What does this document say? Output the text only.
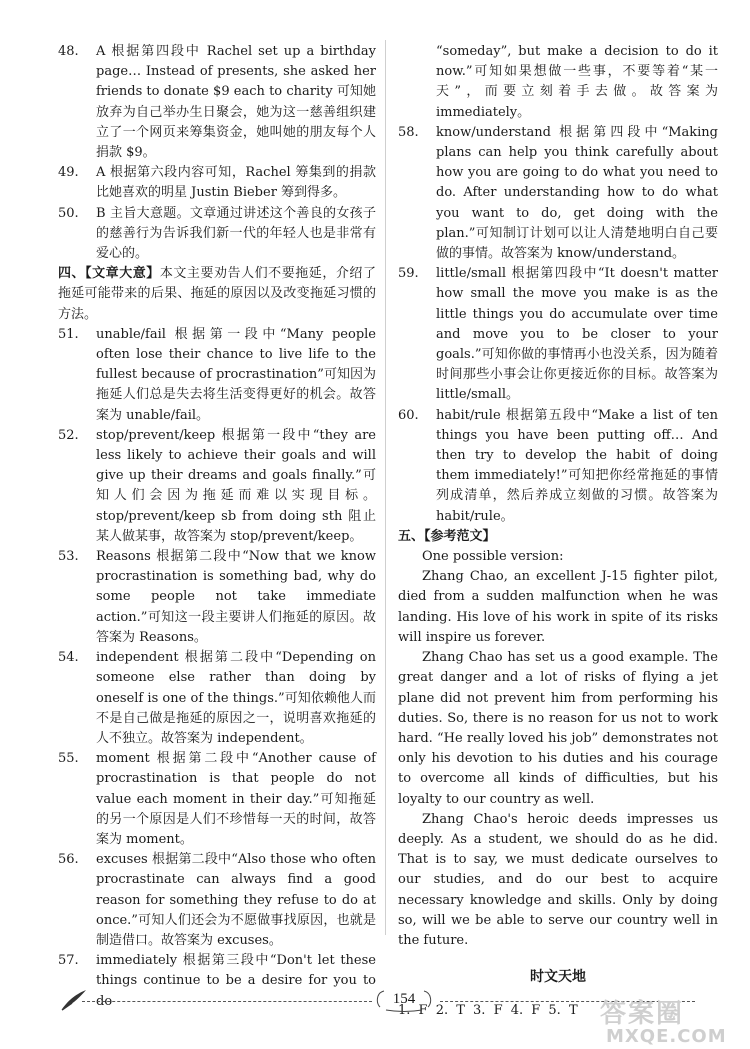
48.	A 根据第四段中 Rachel set up a birthday page… Instead of presents, she asked her friends to donate $9 each to charity 可知她放弃为自己举办生日聚会，她为这一慈善组织建立了一个网页来筹集资金，她叫她的朋友每个人捐款 $9。
49.	A 根据第六段内容可知，Rachel 筹集到的捐款比她喜欢的明星 Justin Bieber 筹到得多。
50.	B 主旨大意题。文章通过讲述这个善良的女孩子的慈善行为告诉我们新一代的年轻人也是非常有爱心的。
四、【文章大意】本文主要劝告人们不要拖延，介绍了拖延可能带来的后果、拖延的原因以及改变拖延习惯的方法。
51.	unable/fail 根据第一段中“Many people often lose their chance to live life to the fullest because of procrastination”可知因为拖延人们总是失去将生活变得更好的机会。故答案为 unable/fail。
52.	stop/prevent/keep 根据第一段中“they are less likely to achieve their goals and will give up their dreams and goals finally.”可知人们会因为拖延而难以实现目标。stop/prevent/keep sb from doing sth 阻止某人做某事，故答案为 stop/prevent/keep。
53.	Reasons 根据第二段中“Now that we know procrastination is something bad, why do some people not take immediate action.”可知这一段主要讲人们拖延的原因。故答案为 Reasons。
54.	independent 根据第二段中“Depending on someone else rather than doing by oneself is one of the things.”可知依赖他人而不是自己做是拖延的原因之一，说明喜欢拖延的人不独立。故答案为 independent。
55.	moment 根据第二段中“Another cause of procrastination is that people do not value each moment in their day.”可知拖延的另一个原因是人们不珍惜每一天的时间，故答案为 moment。
56.	excuses 根据第二段中“Also those who often procrastinate can always find a good reason for something they refuse to do at once.”可知人们还会为不愿做事找原因，也就是制造借口。故答案为 excuses。
57.	immediately 根据第三段中“Don't let these things continue to be a desire for you to do
“someday”, but make a decision to do it now.”可知如果想做一些事，不要等着“某一天”，而要立刻着手去做。故答案为 immediately。
58.	know/understand 根据第四段中“Making plans can help you think carefully about how you are going to do what you need to do. After understanding how to do what you want to do, get doing with the plan.”可知制订计划可以让人清楚地明白自己要做的事情。故答案为 know/understand。
59.	little/small 根据第四段中“It doesn't matter how small the move you make is as the little things you do accumulate over time and move you to be closer to your goals.”可知你做的事情再小也没关系，因为随着时间那些小事会让你更接近你的目标。故答案为 little/small。
60.	habit/rule 根据第五段中“Make a list of ten things you have been putting off… And then try to develop the habit of doing them immediately!”可知把你经常拖延的事情列成清单，然后养成立刻做的习惯。故答案为 habit/rule。
五、【参考范文】
One possible version:
Zhang Chao, an excellent J-15 fighter pilot, died from a sudden malfunction when he was landing. His love of his work in spite of its risks will inspire us forever.
Zhang Chao has set us a good example. The great danger and a lot of risks of flying a jet plane did not prevent him from performing his duties. So, there is no reason for us not to work hard. “He really loved his job” demonstrates not only his devotion to his duties and his courage to overcome all kinds of difficulties, but his loyalty to our country as well.
Zhang Chao's heroic deeds impresses us deeply. As a student, we should do as he did. That is to say, we must dedicate ourselves to our studies, and do our best to acquire necessary knowledge and skills. Only by doing so, will we be able to serve our country well in the future.
时文天地
1. F 2. T 3. F 4. F 5. T
154	答案圈
MXQE.COM
